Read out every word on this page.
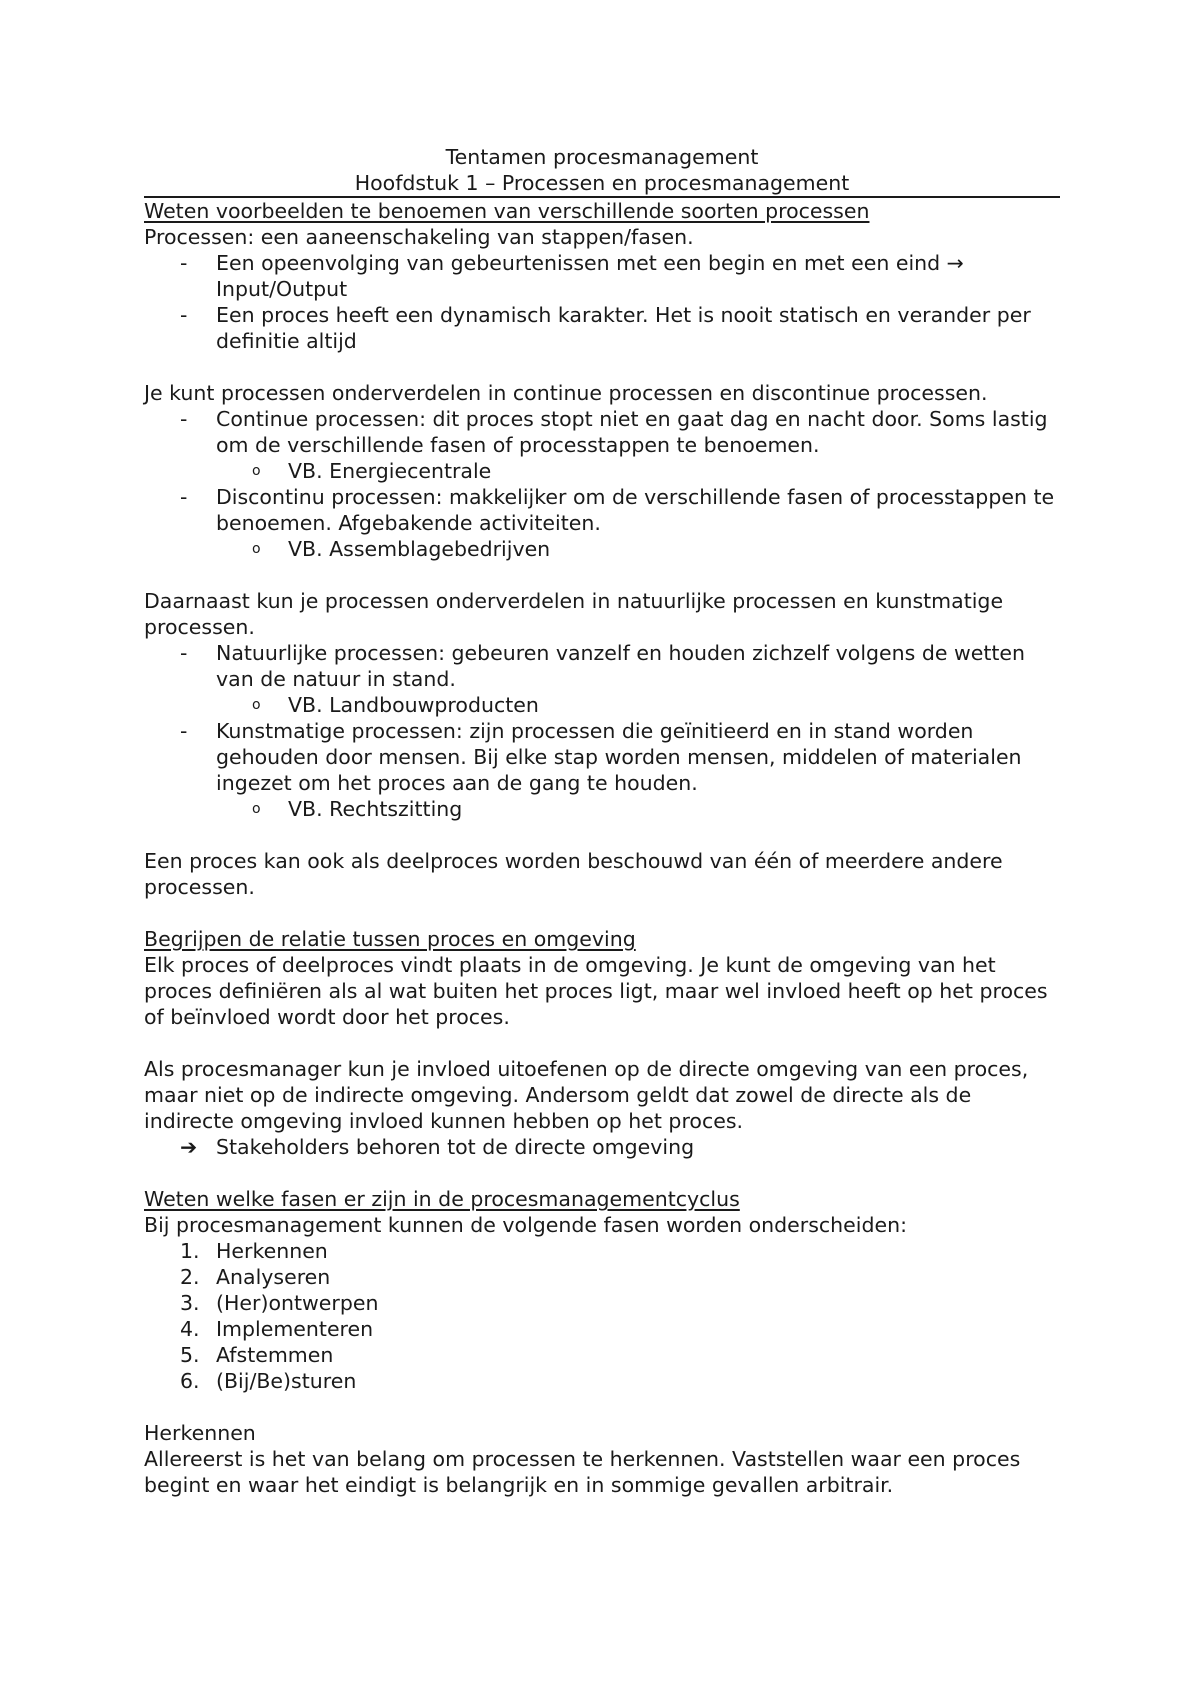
Tentamen procesmanagement

Hoofdstuk 1 – Processen en procesmanagement

Weten voorbeelden te benoemen van verschillende soorten processen

Processen: een aaneenschakeling van stappen/fasen.

-	Een opeenvolging van gebeurtenissen met een begin en met een eind → Input/Output
-	Een proces heeft een dynamisch karakter. Het is nooit statisch en verander per definitie altijd

Je kunt processen onderverdelen in continue processen en discontinue processen.

-	Continue processen: dit proces stopt niet en gaat dag en nacht door. Soms lastig om de verschillende fasen of processtappen te benoemen.
o VB. Energiecentrale
-	Discontinu processen: makkelijker om de verschillende fasen of processtappen te benoemen. Afgebakende activiteiten.
o VB. Assemblagebedrijven

Daarnaast kun je processen onderverdelen in natuurlijke processen en kunstmatige processen.

-	Natuurlijke processen: gebeuren vanzelf en houden zichzelf volgens de wetten van de natuur in stand.
o VB. Landbouwproducten
-	Kunstmatige processen: zijn processen die geïnitieerd en in stand worden gehouden door mensen. Bij elke stap worden mensen, middelen of materialen ingezet om het proces aan de gang te houden.
o VB. Rechtszitting

Een proces kan ook als deelproces worden beschouwd van één of meerdere andere processen.

Begrijpen de relatie tussen proces en omgeving

Elk proces of deelproces vindt plaats in de omgeving. Je kunt de omgeving van het proces definiëren als al wat buiten het proces ligt, maar wel invloed heeft op het proces of beïnvloed wordt door het proces.

Als procesmanager kun je invloed uitoefenen op de directe omgeving van een proces, maar niet op de indirecte omgeving. Andersom geldt dat zowel de directe als de indirecte omgeving invloed kunnen hebben op het proces.

➔ Stakeholders behoren tot de directe omgeving

Weten welke fasen er zijn in de procesmanagementcyclus

Bij procesmanagement kunnen de volgende fasen worden onderscheiden:

1. Herkennen
2. Analyseren
3. (Her)ontwerpen
4. Implementeren
5. Afstemmen
6. (Bij/Be)sturen

Herkennen

Allereerst is het van belang om processen te herkennen. Vaststellen waar een proces begint en waar het eindigt is belangrijk en in sommige gevallen arbitrair.
